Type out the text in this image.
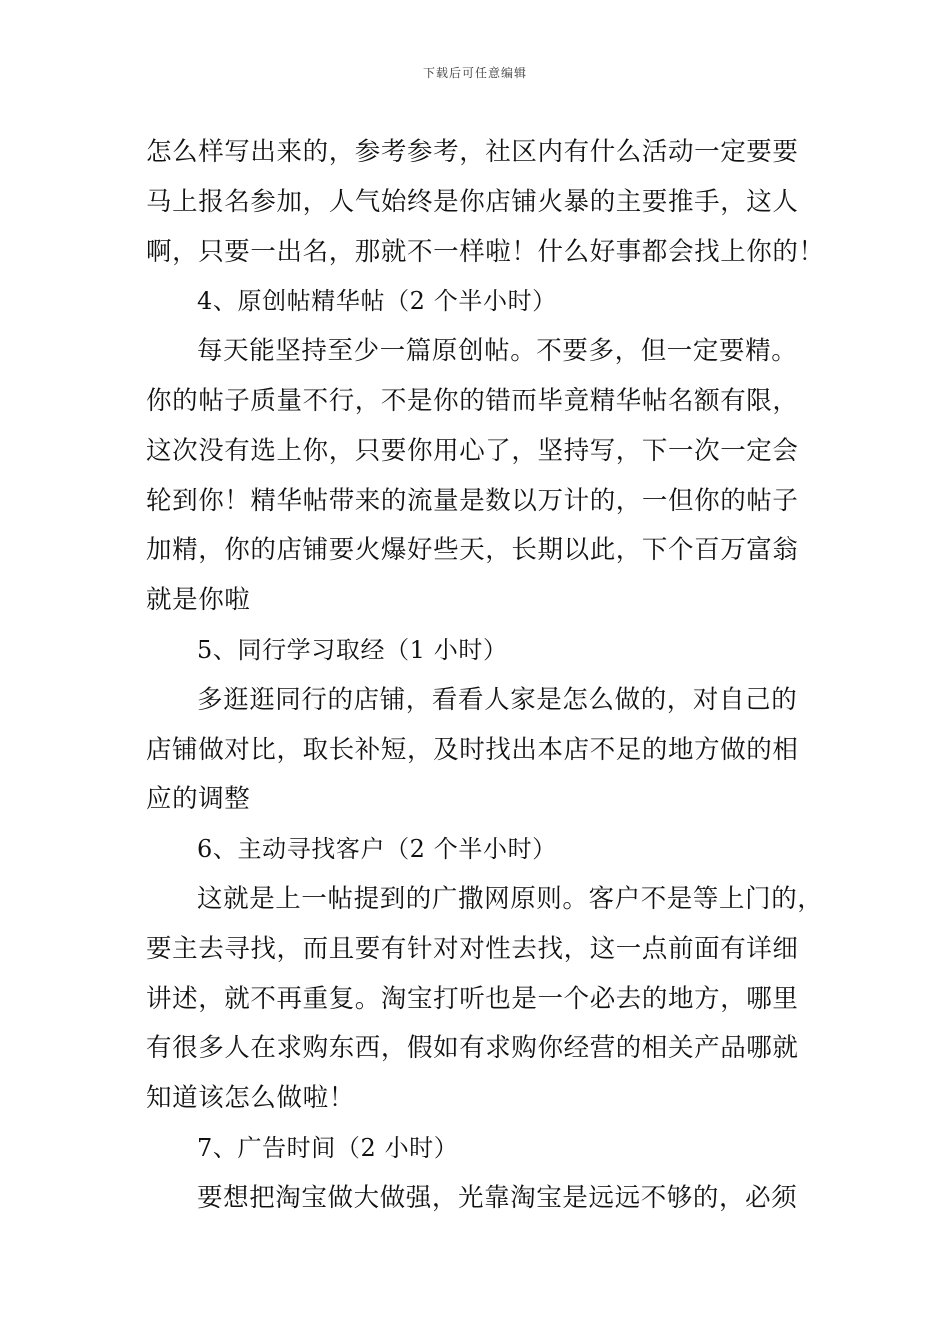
下载后可任意编辑
怎么样写出来的，参考参考，社区内有什么活动一定要要
马上报名参加，人气始终是你店铺火暴的主要推手，这人
啊，只要一出名，那就不一样啦！什么好事都会找上你的！
4、原创帖精华帖（2 个半小时）
每天能坚持至少一篇原创帖。不要多，但一定要精。
你的帖子质量不行，不是你的错而毕竟精华帖名额有限，
这次没有选上你，只要你用心了，坚持写，下一次一定会
轮到你！精华帖带来的流量是数以万计的，一但你的帖子
加精，你的店铺要火爆好些天，长期以此，下个百万富翁
就是你啦
5、同行学习取经（1 小时）
多逛逛同行的店铺，看看人家是怎么做的，对自己的
店铺做对比，取长补短，及时找出本店不足的地方做的相
应的调整
6、主动寻找客户（2 个半小时）
这就是上一帖提到的广撒网原则。客户不是等上门的，
要主去寻找，而且要有针对对性去找，这一点前面有详细
讲述，就不再重复。淘宝打听也是一个必去的地方，哪里
有很多人在求购东西，假如有求购你经营的相关产品哪就
知道该怎么做啦！
7、广告时间（2 小时）
要想把淘宝做大做强，光靠淘宝是远远不够的，必须
